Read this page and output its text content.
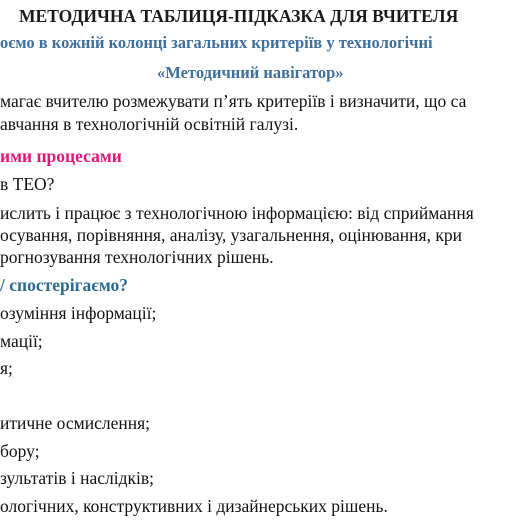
МЕТОДИЧНА ТАБЛИЦЯ-ПІДКАЗКА ДЛЯ ВЧИТЕЛЯ
оємо в кожній колонці загальних критеріїв у технологічні
«Методичний навігатор»
магає вчителю розмежувати п’ять критеріїв і визначити, що са
авчання в технологічній освітній галузі.
ими процесами
в ТЕО?
ислить і працює з технологічною інформацією: від сприймання
осування, порівняння, аналізу, узагальнення, оцінювання, кри
рогнозування технологічних рішень.
/ спостерігаємо?
озуміння інформації;
мації;
я;
итичне осмислення;
бору;
зультатів і наслідків;
ологічних, конструктивних і дизайнерських рішень.
